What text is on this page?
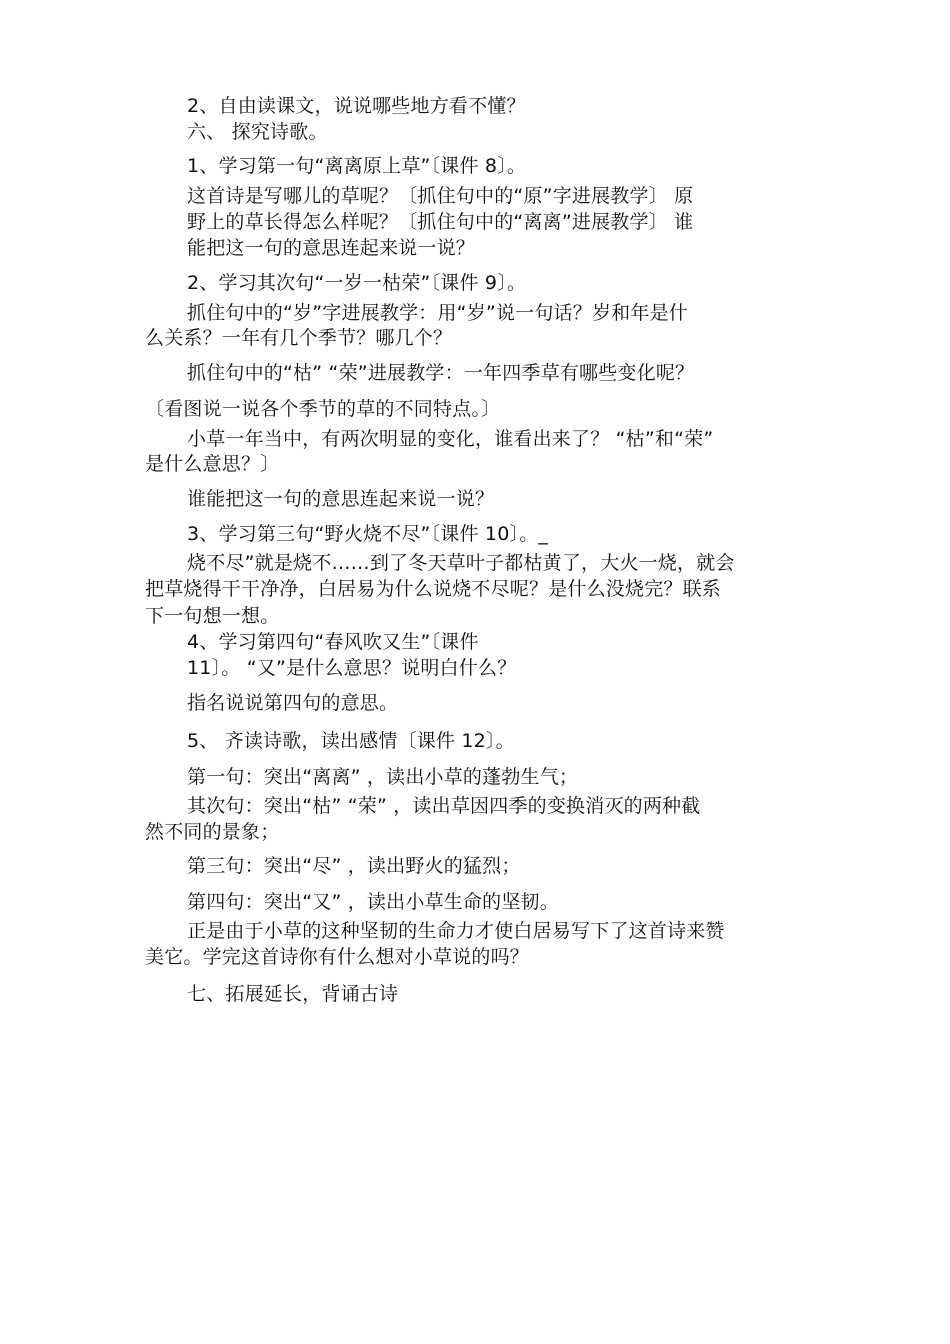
2、自由读课文，说说哪些地方看不懂？

六、 探究诗歌。

1、学习第一句“离离原上草”〔课件 8〕。

这首诗是写哪儿的草呢？〔抓住句中的“原”字进展教学〕 原

野上的草长得怎么样呢？〔抓住句中的“离离”进展教学〕 谁

能把这一句的意思连起来说一说？

2、学习其次句“一岁一枯荣”〔课件 9〕。

抓住句中的“岁”字进展教学：用“岁”说一句话？岁和年是什

么关系？一年有几个季节？哪几个？

抓住句中的“枯” “荣”进展教学：一年四季草有哪些变化呢？

〔看图说一说各个季节的草的不同特点。〕

小草一年当中，有两次明显的变化，谁看出来了？ “枯”和“荣”

是什么意思？〕

谁能把这一句的意思连起来说一说？

3、学习第三句“野火烧不尽”〔课件 10〕。_

烧不尽”就是烧不……到了冬天草叶子都枯黄了，大火一烧，就会

把草烧得干干净净，白居易为什么说烧不尽呢？是什么没烧完？联系

下一句想一想。

4、学习第四句“春风吹又生”〔课件

11〕。 “又”是什么意思？说明白什么？

指名说说第四句的意思。

5、 齐读诗歌，读出感情〔课件 12〕。

第一句：突出“离离” ，读出小草的蓬勃生气；

其次句：突出“枯” “荣” ，读出草因四季的变换消灭的两种截

然不同的景象；

第三句：突出“尽” ，读出野火的猛烈；

第四句：突出“又” ，读出小草生命的坚韧。

正是由于小草的这种坚韧的生命力才使白居易写下了这首诗来赞

美它。学完这首诗你有什么想对小草说的吗？

七、拓展延长，背诵古诗
